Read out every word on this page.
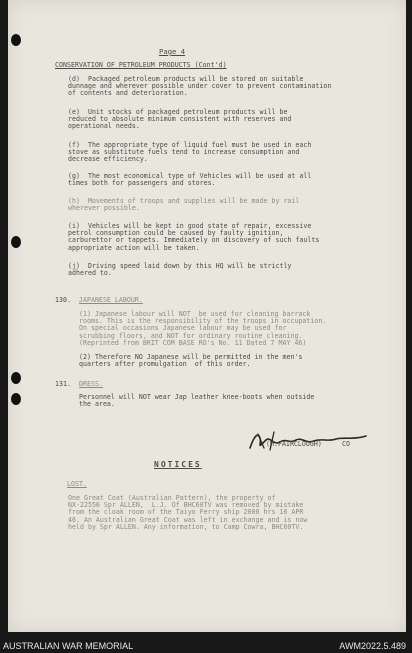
Page 4
CONSERVATION OF PETROLEUM PRODUCTS (Cont'd)
(d)  Packaged petroleum products will be stored on suitable
dunnage and wherever possible under cover to prevent contamination
of contents and deterioration.
(e)  Unit stocks of packaged petroleum products will be
reduced to absolute minimum consistent with reserves and
operational needs.
(f)  The appropriate type of liquid fuel must be used in each
stove as substitute fuels tend to increase consumption and
decrease efficiency.
(g)  The most economical type of Vehicles will be used at all
times both for passengers and stores.
(h)  Movements of troops and supplies will be made by rail
wherever possible.
(i)  Vehicles will be kept in good state of repair, excessive
petrol consumption could be caused by faulty ignition,
carburettor or tappets. Immediately on discovery of such faults
appropriate action will be taken.
(j)  Driving speed laid down by this HQ will be strictly
adhered to.
130. JAPANESE LABOUR.
(1) Japanese labour will NOT  be used for cleaning barrack
rooms. This is the responsibility of the troops in occupation.
On special occasions Japanese labour may be used for
scrubbing floors, and NOT for ordinary routine cleaning.
(Reprinted from BRIT COM BASE RO's No. 11 Dated 7 MAY 46)
(2) Therefore NO Japanese will be permitted in the men's
quarters after promulgation  of this order.
131. DRESS.
Personnel will NOT wear Jap leather knee-boots when outside
the area.
(M.FAIRCLOUGH)	CO
NOTICES
LOST.
One Great Coat (Australian Pattern), the property of
NX-22556 Spr ALLEN,  L.J. Of BHC60TV was removed by mistake
from the cloak room of the Taiyo Ferry ship 2000 hrs 16 APR
46. An Australian Great Coat was left in exchange and is now
held by Spr ALLEN. Any information, to Camp Cowra, BHC60TV.
AUSTRALIAN WAR MEMORIAL	AWM2022.5.489
